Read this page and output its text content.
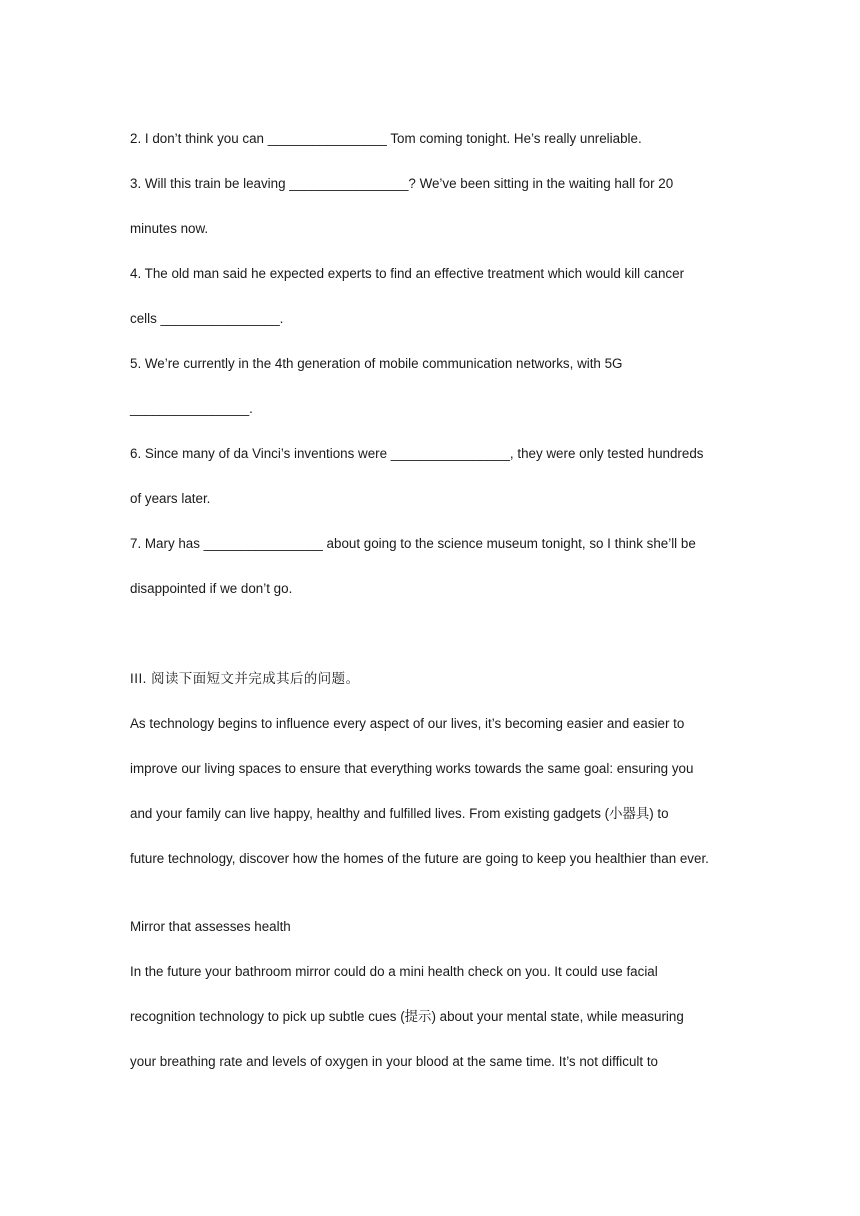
2. I don’t think you can ________________ Tom coming tonight. He’s really unreliable.

3. Will this train be leaving ________________? We’ve been sitting in the waiting hall for 20

minutes now.

4. The old man said he expected experts to find an effective treatment which would kill cancer

cells ________________.

5. We’re currently in the 4th generation of mobile communication networks, with 5G

________________.

6. Since many of da Vinci’s inventions were ________________, they were only tested hundreds

of years later.

7. Mary has ________________ about going to the science museum tonight, so I think she’ll be

disappointed if we don’t go.

III. 阅读下面短文并完成其后的问题。

As technology begins to influence every aspect of our lives, it’s becoming easier and easier to

improve our living spaces to ensure that everything works towards the same goal: ensuring you

and your family can live happy, healthy and fulfilled lives. From existing gadgets (小器具) to

future technology, discover how the homes of the future are going to keep you healthier than ever.

Mirror that assesses health

In the future your bathroom mirror could do a mini health check on you. It could use facial

recognition technology to pick up subtle cues (提示) about your mental state, while measuring

your breathing rate and levels of oxygen in your blood at the same time. It’s not difficult to
